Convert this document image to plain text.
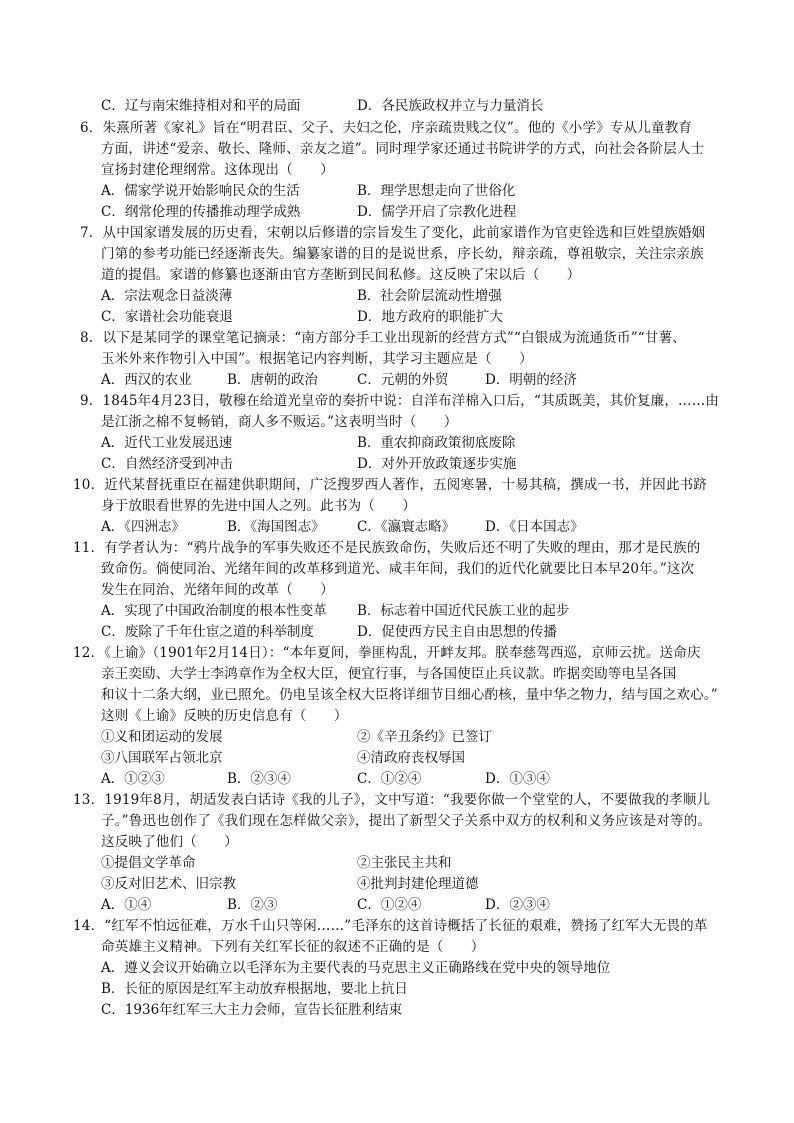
C．辽与南宋维持相对和平的局面	D．各民族政权并立与力量消长
6．朱熹所著《家礼》旨在“明君臣、父子、夫妇之伦，序亲疏贵贱之仪”。他的《小学》专从儿童教育
方面，讲述“爱亲、敬长、隆师、亲友之道”。同时理学家还通过书院讲学的方式，向社会各阶层人士
宣扬封建伦理纲常。这体现出（　　）
A．儒家学说开始影响民众的生活	B．理学思想走向了世俗化
C．纲常伦理的传播推动理学成熟	D．儒学开启了宗教化进程
7．从中国家谱发展的历史看，宋朝以后修谱的宗旨发生了变化，此前家谱作为官吏铨选和巨姓望族婚姻
门第的参考功能已经逐渐丧失。编纂家谱的目的是说世系，序长幼，辩亲疏，尊祖敬宗，关注宗亲族
道的提倡。家谱的修纂也逐渐由官方垄断到民间私修。这反映了宋以后（　　）
A．宗法观念日益淡薄	B．社会阶层流动性增强
C．家谱社会功能衰退	D．地方政府的职能扩大
8．以下是某同学的课堂笔记摘录：“南方部分手工业出现新的经营方式”“白银成为流通货币”“甘薯、
玉米外来作物引入中国”。根据笔记内容判断，其学习主题应是（　　）
A．西汉的农业	B．唐朝的政治	C．元朝的外贸	D．明朝的经济
9．1845年4月23日，敬穆在给道光皇帝的奏折中说：自洋布洋棉入口后，“其质既美，其价复廉，……由
是江浙之棉不复畅销，商人多不贩运。”这表明当时（　　）
A．近代工业发展迅速	B．重农抑商政策彻底废除
C．自然经济受到冲击	D．对外开放政策逐步实施
10．近代某督抚重臣在福建供职期间，广泛搜罗西人著作，五阅寒暑，十易其稿，撰成一书，并因此书跻
身于放眼看世界的先进中国人之列。此书为（　　）
A．《四洲志》	B．《海国图志》 C．《瀛寰志略》 D．《日本国志》
11．有学者认为：“鸦片战争的军事失败还不是民族致命伤，失败后还不明了失败的理由，那才是民族的
致命伤。倘使同治、光绪年间的改革移到道光、咸丰年间，我们的近代化就要比日本早20年。”这次
发生在同治、光绪年间的改革（　　）
A．实现了中国政治制度的根本性变革 B．标志着中国近代民族工业的起步
C．废除了千年仕宦之道的科举制度	D．促使西方民主自由思想的传播
12．《上谕》（1901年2月14日）：“本年夏间，拳匪构乱，开衅友邦。朕奉慈驾西巡，京师云扰。送命庆
亲王奕劻、大学士李鸿章作为全权大臣，便宜行事，与各国使臣止兵议款。昨据奕劻等电呈各国
和议十二条大纲，业已照允。仍电呈该全权大臣将详细节目细心酌核，量中华之物力，结与国之欢心。”
这则《上谕》反映的历史信息有（　　）
①义和团运动的发展	②《辛丑条约》已签订
③八国联军占领北京	④清政府丧权辱国
A．①②③	B．②③④	C．①②④	D．①③④
13．1919年8月，胡适发表白话诗《我的儿子》，文中写道：“我要你做一个堂堂的人，不要做我的孝顺儿
子。”鲁迅也创作了《我们现在怎样做父亲》，提出了新型父子关系中双方的权利和义务应该是对等的。
这反映了他们（　　）
①提倡文学革命	②主张民主共和
③反对旧艺术、旧宗教	④批判封建伦理道德
A．①④	B．②③	C．①②④	D．②③④
14．“红军不怕远征难，万水千山只等闲……”毛泽东的这首诗概括了长征的艰难，赞扬了红军大无畏的革
命英雄主义精神。下列有关红军长征的叙述不正确的是（　　）
A．遵义会议开始确立以毛泽东为主要代表的马克思主义正确路线在党中央的领导地位
B．长征的原因是红军主动放弃根据地，要北上抗日
C．1936年红军三大主力会师，宣告长征胜利结束
